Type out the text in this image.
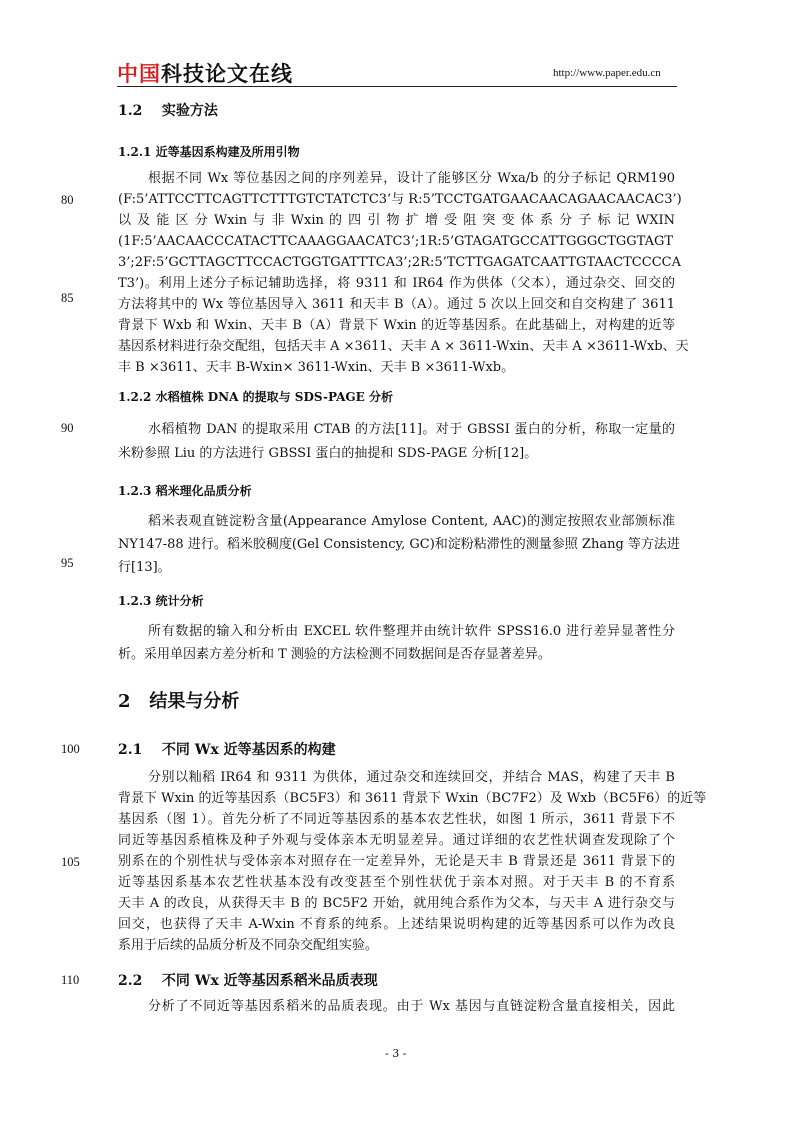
中国科技论文在线	http://www.paper.edu.cn
80
85
90
95
100
105
110
1.2 实验方法
1.2.1 近等基因系构建及所用引物
根据不同 Wx 等位基因之间的序列差异，设计了能够区分 Wxa/b 的分子标记 QRM190
(F:5’ATTCCTTCAGTTCTTTGTCTATCTC3’与 R:5’TCCTGATGAACAACAGAACAACAC3’)
以 及 能 区 分 Wxin 与 非 Wxin 的 四 引 物 扩 增 受 阻 突 变 体 系 分 子 标 记 WXIN
(1F:5’AACAACCCATACTTCAAAGGAACATC3’;1R:5’GTAGATGCCATTGGGCTGGTAGT
3’;2F:5’GCTTAGCTTCCACTGGTGATTTCA3’;2R:5’TCTTGAGATCAATTGTAACTCCCCA
T3’)。利用上述分子标记辅助选择，将 9311 和 IR64 作为供体（父本），通过杂交、回交的
方法将其中的 Wx 等位基因导入 3611 和天丰 B（A）。通过 5 次以上回交和自交构建了 3611
背景下 Wxb 和 Wxin、天丰 B（A）背景下 Wxin 的近等基因系。在此基础上，对构建的近等
基因系材料进行杂交配组，包括天丰 A ×3611、天丰 A × 3611-Wxin、天丰 A ×3611-Wxb、天
丰 B ×3611、天丰 B-Wxin× 3611-Wxin、天丰 B ×3611-Wxb。
1.2.2 水稻植株 DNA 的提取与 SDS-PAGE 分析
水稻植物 DAN 的提取采用 CTAB 的方法[11]。对于 GBSSI 蛋白的分析，称取一定量的
米粉参照 Liu 的方法进行 GBSSI 蛋白的抽提和 SDS-PAGE 分析[12]。
1.2.3 稻米理化品质分析
稻米表观直链淀粉含量(Appearance Amylose Content, AAC)的测定按照农业部颁标准
NY147-88 进行。稻米胶稠度(Gel Consistency, GC)和淀粉粘滞性的测量参照 Zhang 等方法进
行[13]。
1.2.3 统计分析
所有数据的输入和分析由 EXCEL 软件整理并由统计软件 SPSS16.0 进行差异显著性分
析。采用单因素方差分析和 T 测验的方法检测不同数据间是否存显著差异。
2 结果与分析
2.1 不同 Wx 近等基因系的构建
分别以籼稻 IR64 和 9311 为供体，通过杂交和连续回交，并结合 MAS，构建了天丰 B
背景下 Wxin 的近等基因系（BC5F3）和 3611 背景下 Wxin（BC7F2）及 Wxb（BC5F6）的近等
基因系（图 1）。首先分析了不同近等基因系的基本农艺性状，如图 1 所示，3611 背景下不
同近等基因系植株及种子外观与受体亲本无明显差异。通过详细的农艺性状调查发现除了个
别系在的个别性状与受体亲本对照存在一定差异外，无论是天丰 B 背景还是 3611 背景下的
近等基因系基本农艺性状基本没有改变甚至个别性状优于亲本对照。对于天丰 B 的不育系
天丰 A 的改良，从获得天丰 B 的 BC5F2 开始，就用纯合系作为父本，与天丰 A 进行杂交与
回交，也获得了天丰 A-Wxin 不育系的纯系。上述结果说明构建的近等基因系可以作为改良
系用于后续的品质分析及不同杂交配组实验。
2.2 不同 Wx 近等基因系稻米品质表现
分析了不同近等基因系稻米的品质表现。由于 Wx 基因与直链淀粉含量直接相关，因此
- 3 -
